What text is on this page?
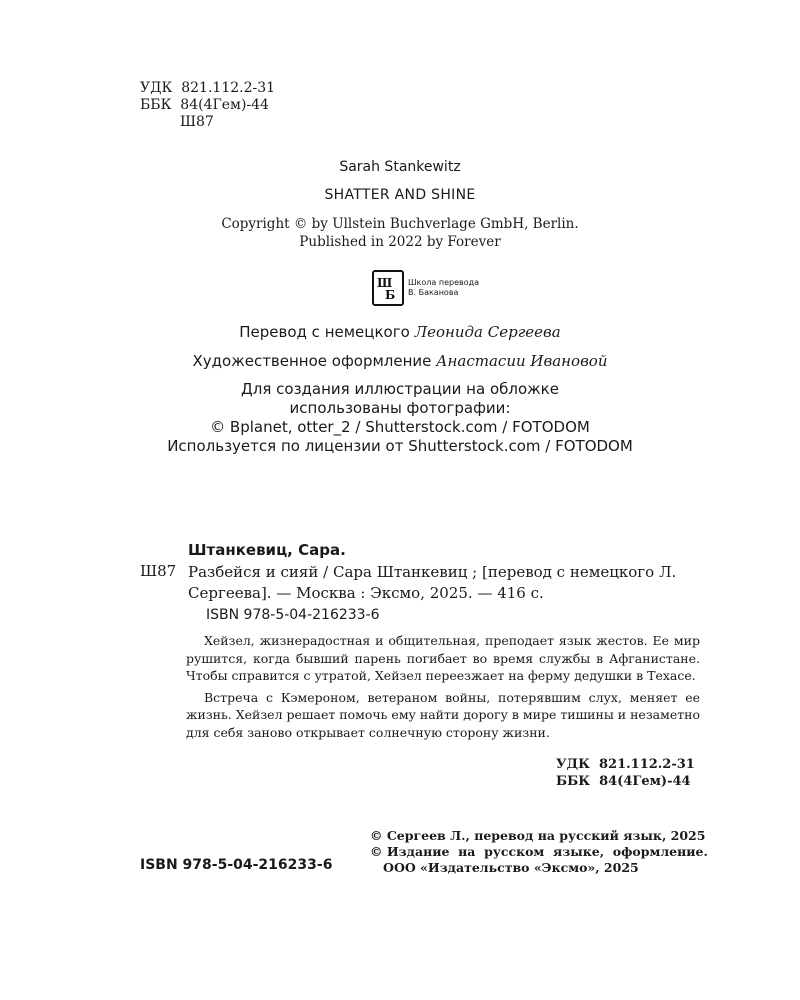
УДК  821.112.2-31
ББК  84(4Гем)-44
Ш87
Sarah Stankewitz
SHATTER AND SHINE
Copyright © by Ullstein Buchverlage GmbH, Berlin.
Published in 2022 by Forever
Ш
Б
Школа перевода
В. Баканова

Перевод с немецкого Леонида Сергеева

Художественное оформление Анастасии Ивановой

Для создания иллюстрации на обложке
использованы фотографии:
© Bplanet, otter_2 / Shutterstock.com / FOTODOM
Используется по лицензии от Shutterstock.com / FOTODOM
Штанкевиц, Сара.
Ш87 Разбейся и сияй / Сара Штанкевиц ; [перевод с немецкого Л. Сергеева]. — Москва : Эксмо, 2025. — 416 с.
ISBN 978-5-04-216233-6

Хейзел, жизнерадостная и общительная, преподает язык жестов. Ее мир рушится, когда бывший парень погибает во время службы в Афганистане. Чтобы справится с утратой, Хейзел переезжает на ферму дедушки в Техасе.

Встреча с Кэмероном, ветераном войны, потерявшим слух, меняет ее жизнь. Хейзел решает помочь ему найти дорогу в мире тишины и незаметно для себя заново открывает солнечную сторону жизни.

УДК  821.112.2-31
ББК  84(4Гем)-44
© Сергеев Л., перевод на русский язык, 2025
© Издание  на  русском  языке,  оформление.
ООО «Издательство «Эксмо», 2025
ISBN 978-5-04-216233-6
